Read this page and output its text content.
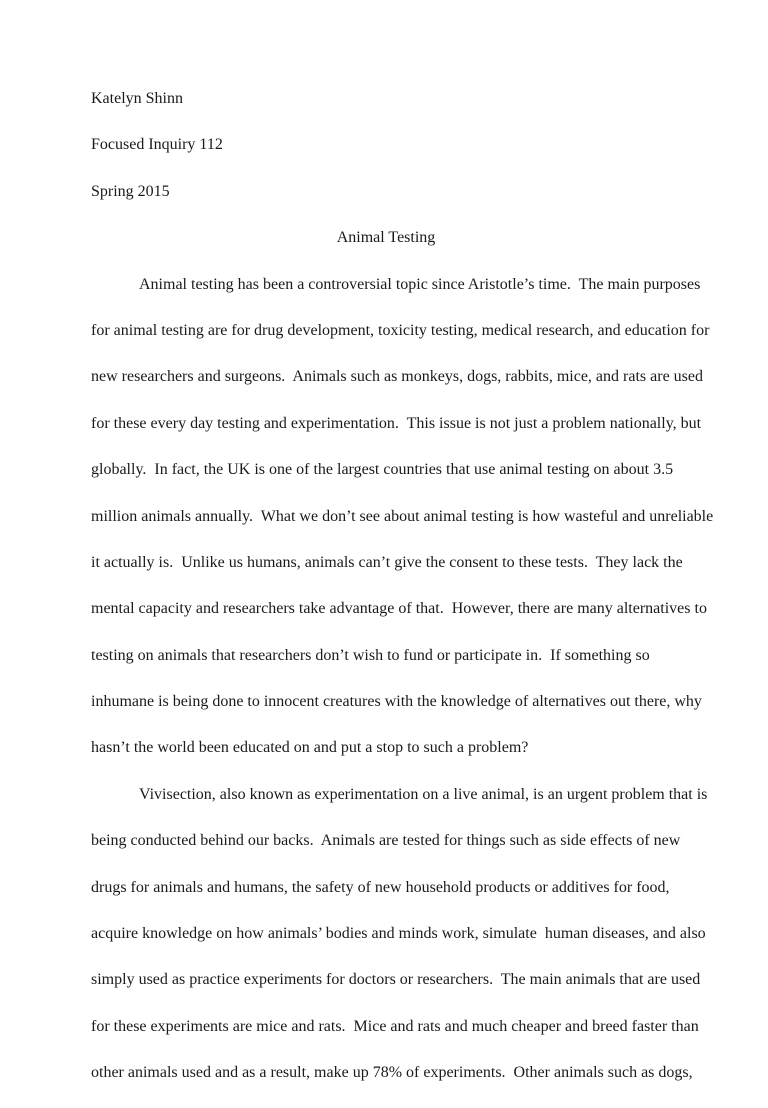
Katelyn Shinn
Focused Inquiry 112
Spring 2015
Animal Testing
Animal testing has been a controversial topic since Aristotle’s time.  The main purposes
for animal testing are for drug development, toxicity testing, medical research, and education for
new researchers and surgeons.  Animals such as monkeys, dogs, rabbits, mice, and rats are used
for these every day testing and experimentation.  This issue is not just a problem nationally, but
globally.  In fact, the UK is one of the largest countries that use animal testing on about 3.5
million animals annually.  What we don’t see about animal testing is how wasteful and unreliable
it actually is.  Unlike us humans, animals can’t give the consent to these tests.  They lack the
mental capacity and researchers take advantage of that.  However, there are many alternatives to
testing on animals that researchers don’t wish to fund or participate in.  If something so
inhumane is being done to innocent creatures with the knowledge of alternatives out there, why
hasn’t the world been educated on and put a stop to such a problem?
Vivisection, also known as experimentation on a live animal, is an urgent problem that is
being conducted behind our backs.  Animals are tested for things such as side effects of new
drugs for animals and humans, the safety of new household products or additives for food,
acquire knowledge on how animals’ bodies and minds work, simulate  human diseases, and also
simply used as practice experiments for doctors or researchers.  The main animals that are used
for these experiments are mice and rats.  Mice and rats and much cheaper and breed faster than
other animals used and as a result, make up 78% of experiments.  Other animals such as dogs,
